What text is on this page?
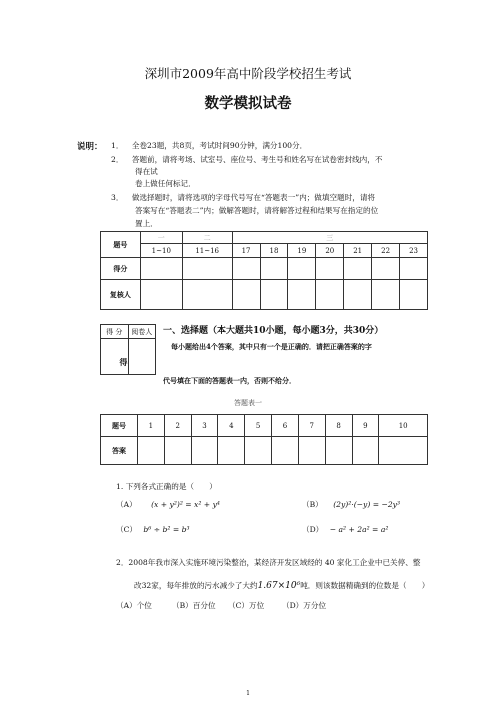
深圳市2009年高中阶段学校招生考试
数学模拟试卷
说明： 1． 全卷23题，共8页，考试时间90分钟，满分100分．
2． 答题前，请将考场、试室号、座位号、考生号和姓名写在试卷密封线内，不
得在试
卷上做任何标记．
3． 做选择题时，请将选项的字母代号写在“答题表一”内；做填空题时，请将
答案写在“答题表二”内；做解答题时，请将解答过程和结果写在指定的位
置上．
题号	一	二	三						
	1~10	11~16	17	18	19	20	21	22	23
得分									
复核人									
得 分	阅卷人
得	
一、选择题（本大题共10小题，每小题3分，共30分）
每小题给出4个答案，其中只有一个是正确的．请把正确答案的字
代号填在下面的答题表一内，否则不给分．
答题表一
题号	1	2	3	4	5	6	7	8	9	10
答案										
1. 下列各式正确的是（　　）
（A） (x + y²)² = x² + y⁴	（B） (2y)²·(−y) = −2y³
（C） b⁶ ÷ b² = b³	（D） − a² + 2a² = a²
2．2008年我市深入实施环境污染整治，某经济开发区域经的 40 家化工企业中已关停、整
改32家，每年排放的污水减少了大约1.67×10⁶吨．则该数据精确到的位数是（　　）
（A）个位	（B）百分位 （C）万位 （D）万分位
1
